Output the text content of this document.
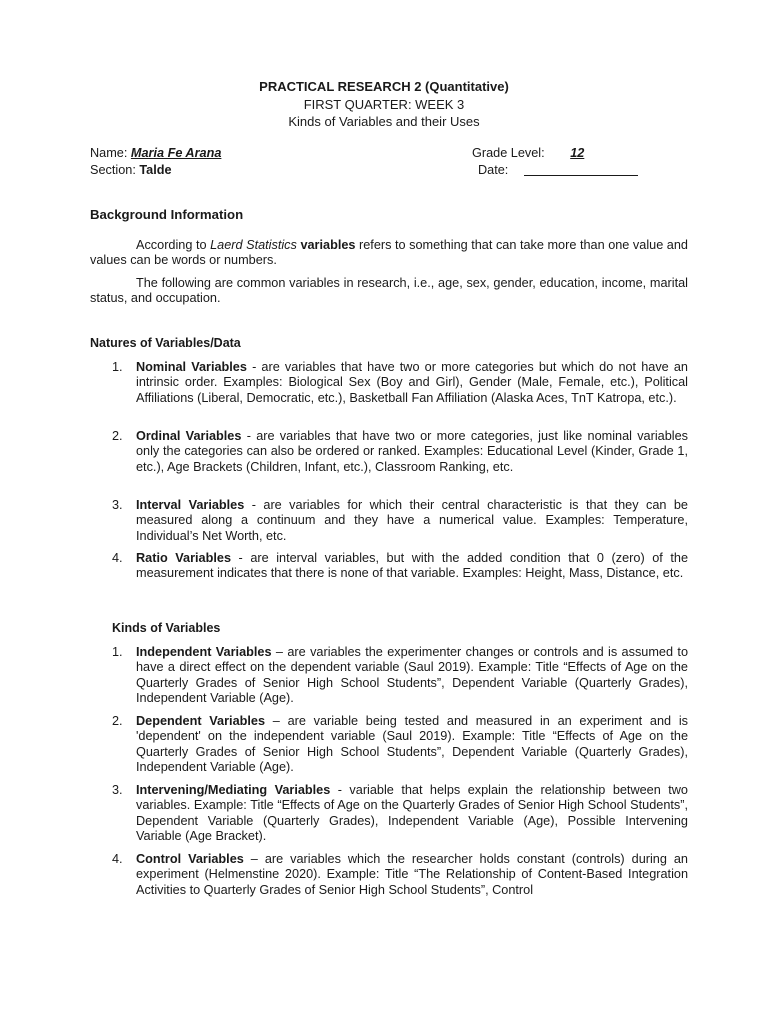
PRACTICAL RESEARCH 2 (Quantitative)
FIRST QUARTER: WEEK 3
Kinds of Variables and their Uses
Name: Maria Fe Arana	Grade Level: 12
Section: Talde	Date:
Background Information
According to Laerd Statistics variables refers to something that can take more than one value and values can be words or numbers.
The following are common variables in research, i.e., age, sex, gender, education, income, marital status, and occupation.
Natures of Variables/Data
1. Nominal Variables - are variables that have two or more categories but which do not have an intrinsic order. Examples: Biological Sex (Boy and Girl), Gender (Male, Female, etc.), Political Affiliations (Liberal, Democratic, etc.), Basketball Fan Affiliation (Alaska Aces, TnT Katropa, etc.).
2. Ordinal Variables - are variables that have two or more categories, just like nominal variables only the categories can also be ordered or ranked. Examples: Educational Level (Kinder, Grade 1, etc.), Age Brackets (Children, Infant, etc.), Classroom Ranking, etc.
3. Interval Variables - are variables for which their central characteristic is that they can be measured along a continuum and they have a numerical value. Examples: Temperature, Individual’s Net Worth, etc.
4. Ratio Variables - are interval variables, but with the added condition that 0 (zero) of the measurement indicates that there is none of that variable. Examples: Height, Mass, Distance, etc.
Kinds of Variables
1. Independent Variables – are variables the experimenter changes or controls and is assumed to have a direct effect on the dependent variable (Saul 2019). Example: Title “Effects of Age on the Quarterly Grades of Senior High School Students”, Dependent Variable (Quarterly Grades), Independent Variable (Age).
2. Dependent Variables – are variable being tested and measured in an experiment and is 'dependent' on the independent variable (Saul 2019). Example: Title “Effects of Age on the Quarterly Grades of Senior High School Students”, Dependent Variable (Quarterly Grades), Independent Variable (Age).
3. Intervening/Mediating Variables - variable that helps explain the relationship between two variables. Example: Title “Effects of Age on the Quarterly Grades of Senior High School Students”, Dependent Variable (Quarterly Grades), Independent Variable (Age), Possible Intervening Variable (Age Bracket).
4. Control Variables – are variables which the researcher holds constant (controls) during an experiment (Helmenstine 2020). Example: Title “The Relationship of Content-Based Integration Activities to Quarterly Grades of Senior High School Students”, Control
